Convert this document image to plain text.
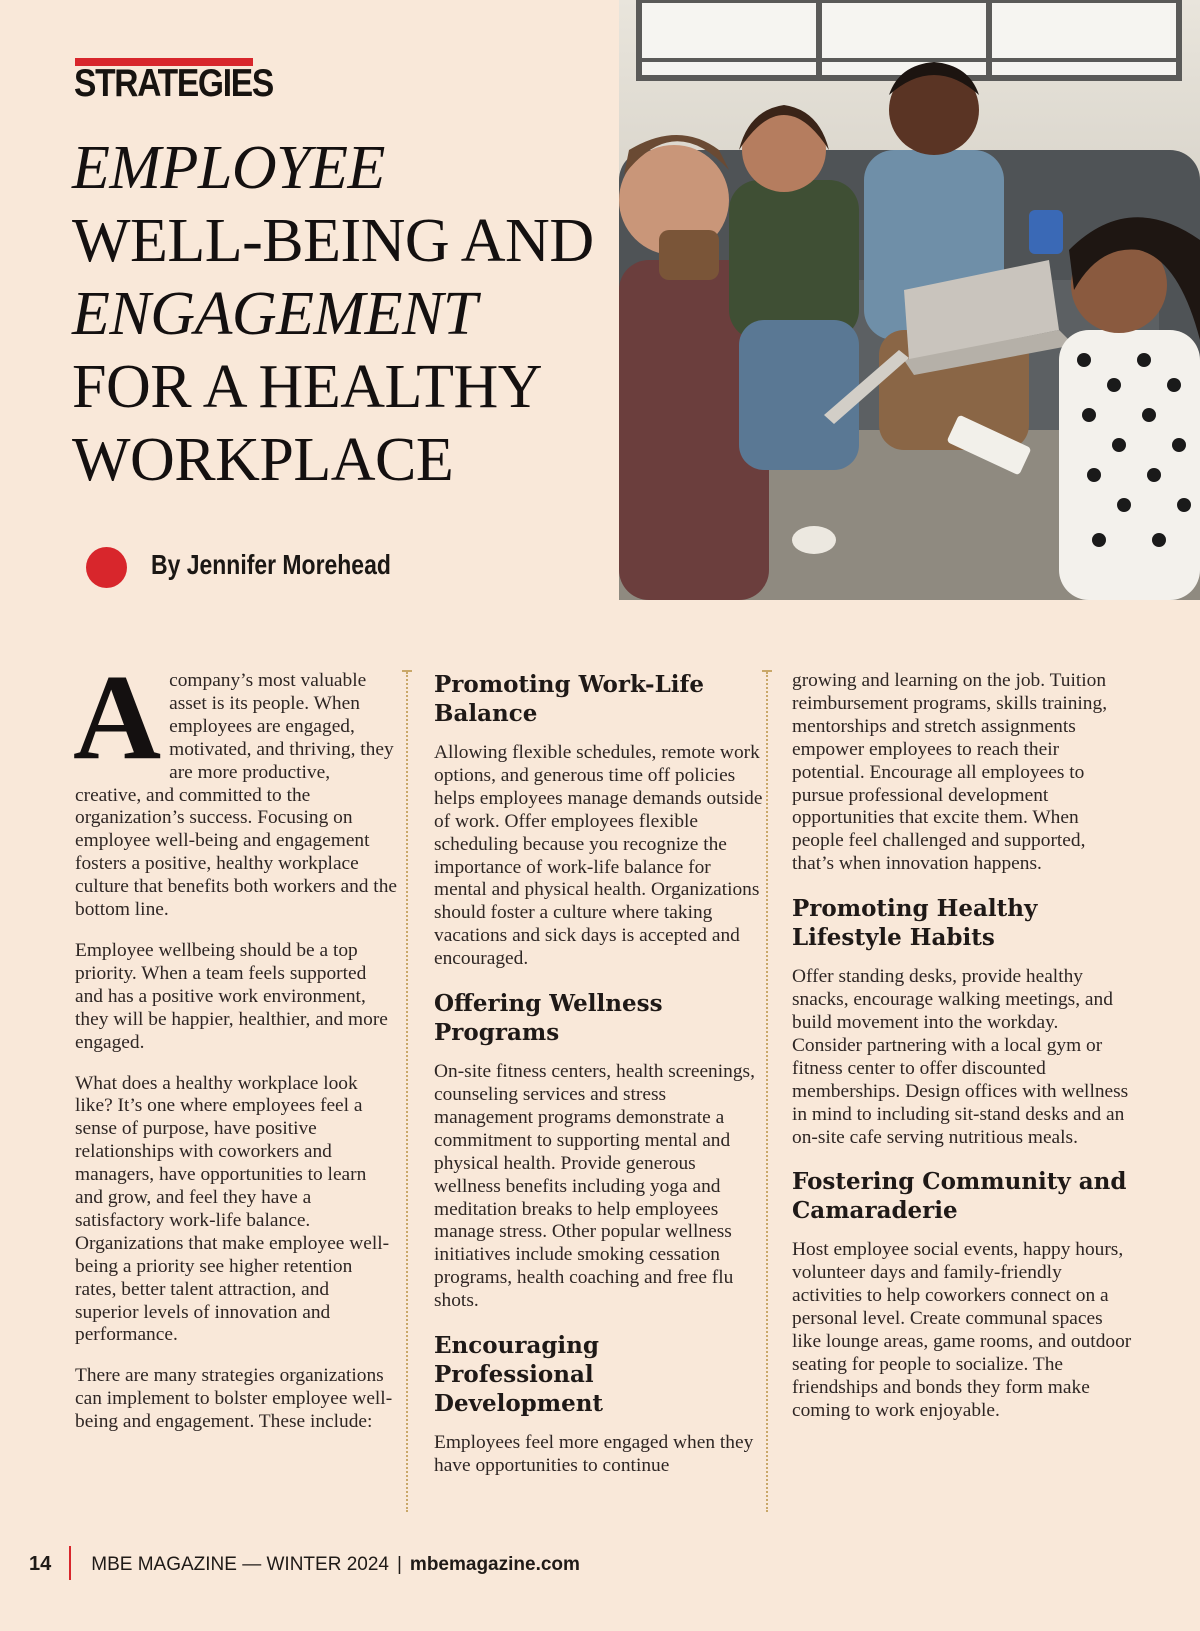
STRATEGIES
EMPLOYEE
WELL-BEING AND
ENGAGEMENT
FOR A HEALTHY
WORKPLACE
By Jennifer Morehead

Acompany’s most valuable asset is its people. When employees are engaged, motivated, and thriving, they are more productive, creative, and committed to the organization’s success. Focusing on employee well-being and engagement fosters a positive, healthy workplace culture that benefits both workers and the bottom line.

Employee wellbeing should be a top priority. When a team feels supported and has a positive work environment, they will be happier, healthier, and more engaged.

What does a healthy workplace look like? It’s one where employees feel a sense of purpose, have positive relationships with coworkers and managers, have opportunities to learn and grow, and feel they have a satisfactory work-life balance. Organizations that make employee well-being a priority see higher retention rates, better talent attraction, and superior levels of innovation and performance.

There are many strategies organizations can implement to bolster employee well-being and engagement. These include:

Promoting Work-Life Balance

Allowing flexible schedules, remote work options, and generous time off policies helps employees manage demands outside of work. Offer employees flexible scheduling because you recognize the importance of work-life balance for mental and physical health. Organizations should foster a culture where taking vacations and sick days is accepted and encouraged.

Offering Wellness Programs

On-site fitness centers, health screenings, counseling services and stress management programs demonstrate a commitment to supporting mental and physical health. Provide generous wellness benefits including yoga and meditation breaks to help employees manage stress. Other popular wellness initiatives include smoking cessation programs, health coaching and free flu shots.

Encouraging Professional Development

Employees feel more engaged when they have opportunities to continue

growing and learning on the job. Tuition reimbursement programs, skills training, mentorships and stretch assignments empower employees to reach their potential. Encourage all employees to pursue professional development opportunities that excite them. When people feel challenged and supported, that’s when innovation happens.

Promoting Healthy Lifestyle Habits

Offer standing desks, provide healthy snacks, encourage walking meetings, and build movement into the workday. Consider partnering with a local gym or fitness center to offer discounted memberships. Design offices with wellness in mind to including sit-stand desks and an on-site cafe serving nutritious meals.

Fostering Community and Camaraderie

Host employee social events, happy hours, volunteer days and family-friendly activities to help coworkers connect on a personal level. Create communal spaces like lounge areas, game rooms, and outdoor seating for people to socialize. The friendships and bonds they form make coming to work enjoyable.

14 MBE MAGAZINE — WINTER 2024 | mbemagazine.com
